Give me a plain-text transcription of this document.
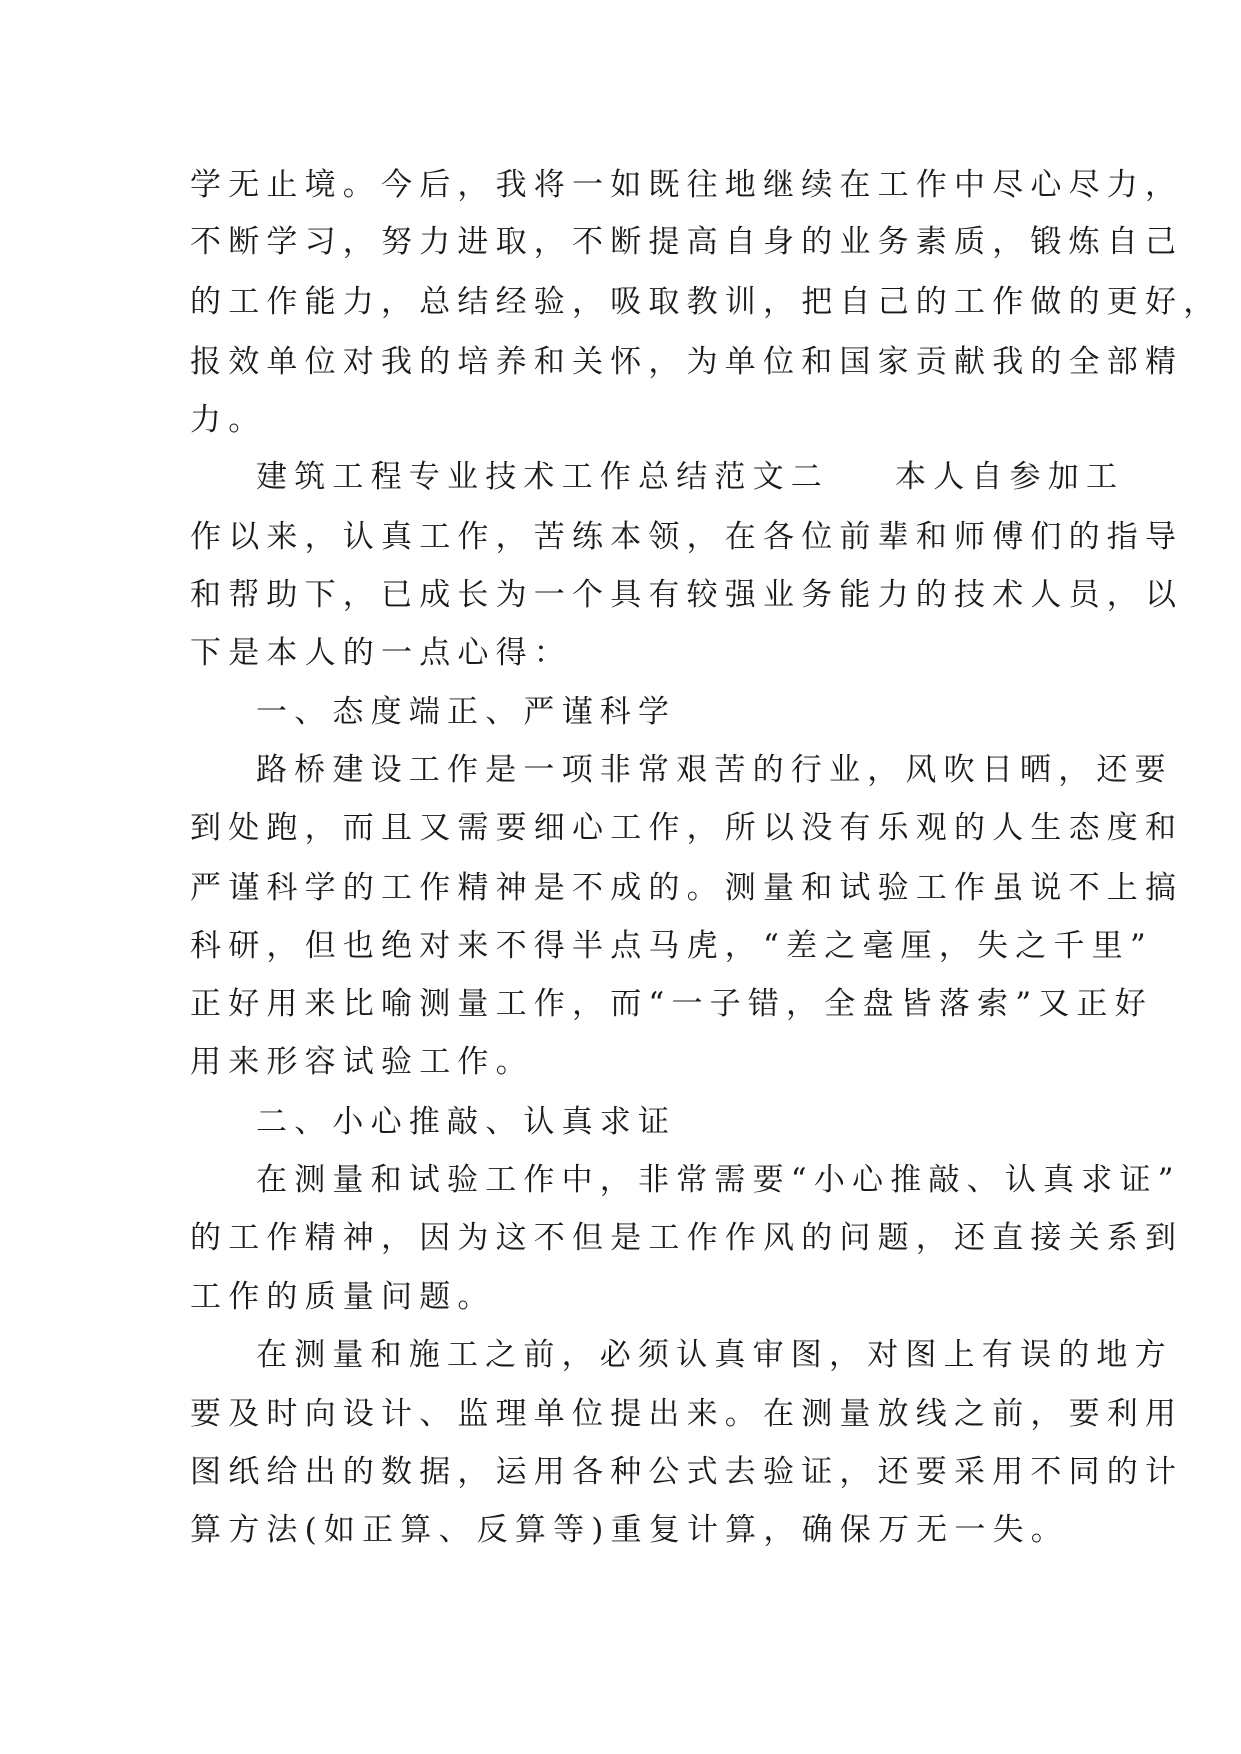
学无止境。今后，我将一如既往地继续在工作中尽心尽力，
不断学习，努力进取，不断提高自身的业务素质，锻炼自己
的工作能力，总结经验，吸取教训，把自己的工作做的更好，
报效单位对我的培养和关怀，为单位和国家贡献我的全部精
力。
建筑工程专业技术工作总结范文二 本人自参加工
作以来，认真工作，苦练本领，在各位前辈和师傅们的指导
和帮助下，已成长为一个具有较强业务能力的技术人员，以
下是本人的一点心得：
一、态度端正、严谨科学
路桥建设工作是一项非常艰苦的行业，风吹日晒，还要
到处跑，而且又需要细心工作，所以没有乐观的人生态度和
严谨科学的工作精神是不成的。测量和试验工作虽说不上搞
科研，但也绝对来不得半点马虎，“差之毫厘，失之千里”
正好用来比喻测量工作，而“一子错，全盘皆落索”又正好
用来形容试验工作。
二、小心推敲、认真求证
在测量和试验工作中，非常需要“小心推敲、认真求证”
的工作精神，因为这不但是工作作风的问题，还直接关系到
工作的质量问题。
在测量和施工之前，必须认真审图，对图上有误的地方
要及时向设计、监理单位提出来。在测量放线之前，要利用
图纸给出的数据，运用各种公式去验证，还要采用不同的计
算方法(如正算、反算等)重复计算，确保万无一失。
